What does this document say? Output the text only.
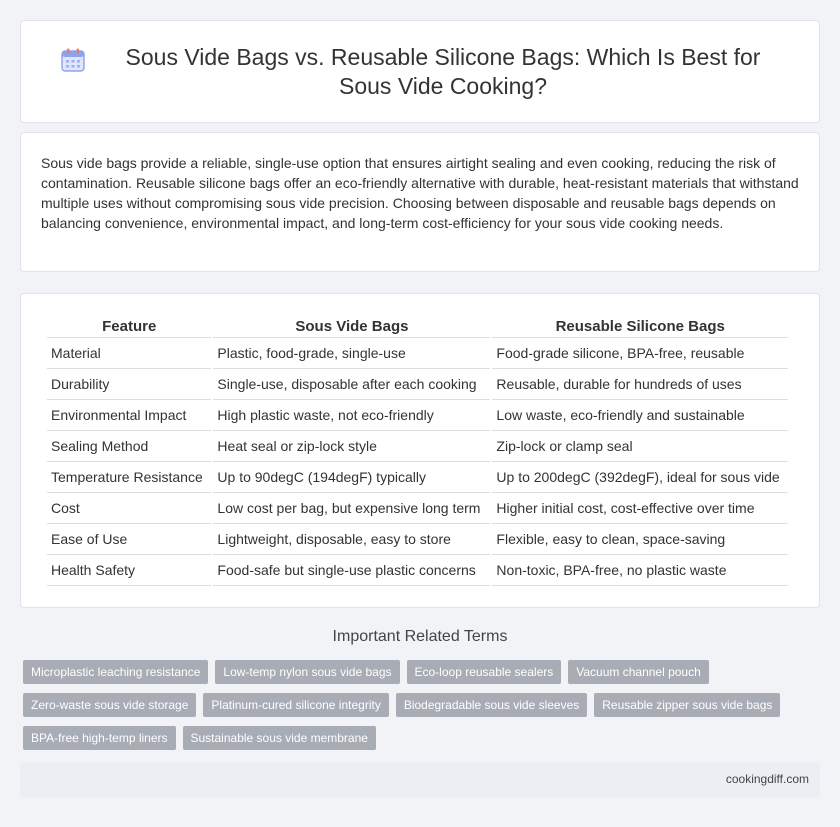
Sous Vide Bags vs. Reusable Silicone Bags: Which Is Best for Sous Vide Cooking?

Sous vide bags provide a reliable, single-use option that ensures airtight sealing and even cooking, reducing the risk of contamination. Reusable silicone bags offer an eco-friendly alternative with durable, heat-resistant materials that withstand multiple uses without compromising sous vide precision. Choosing between disposable and reusable bags depends on balancing convenience, environmental impact, and long-term cost-efficiency for your sous vide cooking needs.

Feature	Sous Vide Bags	Reusable Silicone Bags
Material	Plastic, food-grade, single-use	Food-grade silicone, BPA-free, reusable
Durability	Single-use, disposable after each cooking	Reusable, durable for hundreds of uses
Environmental Impact	High plastic waste, not eco-friendly	Low waste, eco-friendly and sustainable
Sealing Method	Heat seal or zip-lock style	Zip-lock or clamp seal
Temperature Resistance	Up to 90degC (194degF) typically	Up to 200degC (392degF), ideal for sous vide
Cost	Low cost per bag, but expensive long term	Higher initial cost, cost-effective over time
Ease of Use	Lightweight, disposable, easy to store	Flexible, easy to clean, space-saving
Health Safety	Food-safe but single-use plastic concerns	Non-toxic, BPA-free, no plastic waste
Important Related Terms
Microplastic leaching resistance	Low-temp nylon sous vide bags	Eco-loop reusable sealers	Vacuum channel pouch
Zero-waste sous vide storage	Platinum-cured silicone integrity	Biodegradable sous vide sleeves	Reusable zipper sous vide bags
BPA-free high-temp liners	Sustainable sous vide membrane
cookingdiff.com
